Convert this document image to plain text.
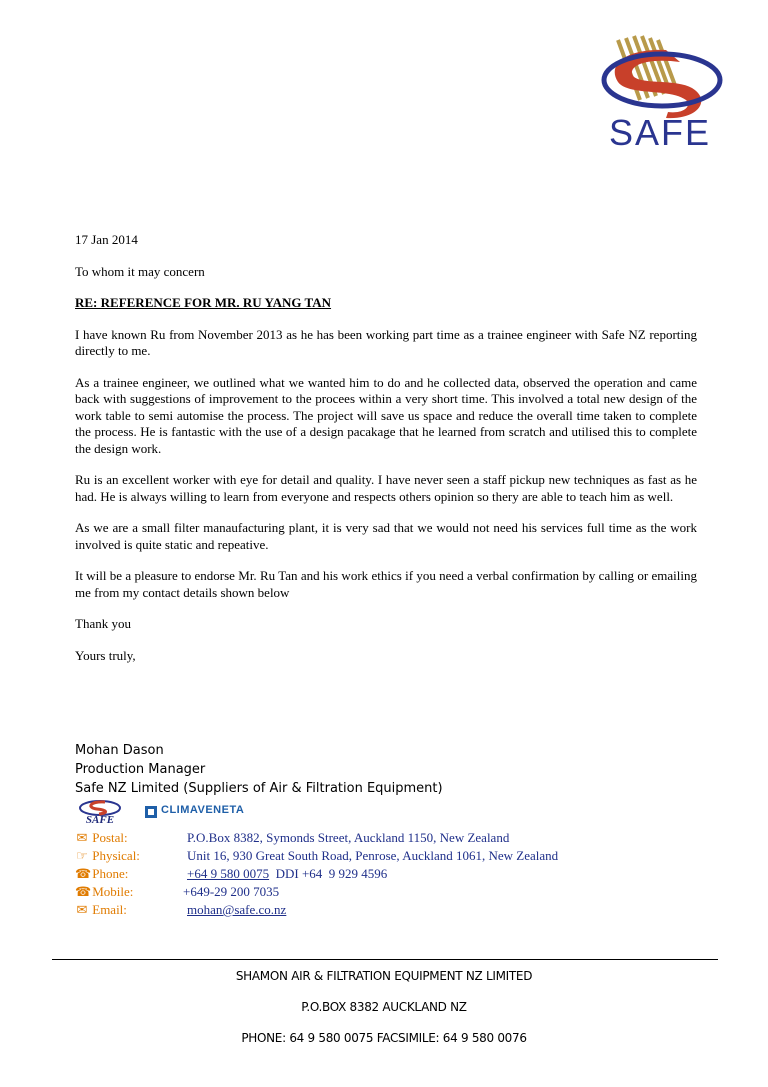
SAFE

17 Jan 2014

To whom it may concern

RE: REFERENCE FOR MR. RU YANG TAN

I have known Ru from November 2013 as he has been working part time as a trainee engineer with Safe NZ reporting directly to me.

As a trainee engineer, we outlined what we wanted him to do and he collected data, observed the operation and came back with suggestions of improvement to the procees within a very short time. This involved a total new design of the work table to semi automise the process. The project will save us space and reduce the overall time taken to complete the process. He is fantastic with the use of a design pacakage that he learned from scratch and utilised this to complete the design work.

Ru is an excellent worker with eye for detail and quality. I have never seen a staff pickup new techniques as fast as he had. He is always willing to learn from everyone and respects others opinion so thery are able to teach him as well.

As we are a small filter manaufacturing plant, it is very sad that we would not need his services full time as the work involved is quite static and repeative.

It will be a pleasure to endorse Mr. Ru Tan and his work ethics if you need a verbal confirmation by calling or emailing me from my contact details shown below

Thank you

Yours truly,

Mohan Dason
Production Manager
Safe NZ Limited (Suppliers of Air & Filtration Equipment)
SAFE
CLIMAVENETA
✉ Postal:	P.O.Box 8382, Symonds Street, Auckland 1150, New Zealand
☞ Physical:	Unit 16, 930 Great South Road, Penrose, Auckland 1061, New Zealand
☎ Phone:	+64 9 580 0075  DDI +64  9 929 4596
☎ Mobile:	+649-29 200 7035
✉ Email:	mohan@safe.co.nz
SHAMON AIR & FILTRATION EQUIPMENT NZ LIMITED
P.O.BOX 8382 AUCKLAND NZ
PHONE: 64 9 580 0075 FACSIMILE: 64 9 580 0076
